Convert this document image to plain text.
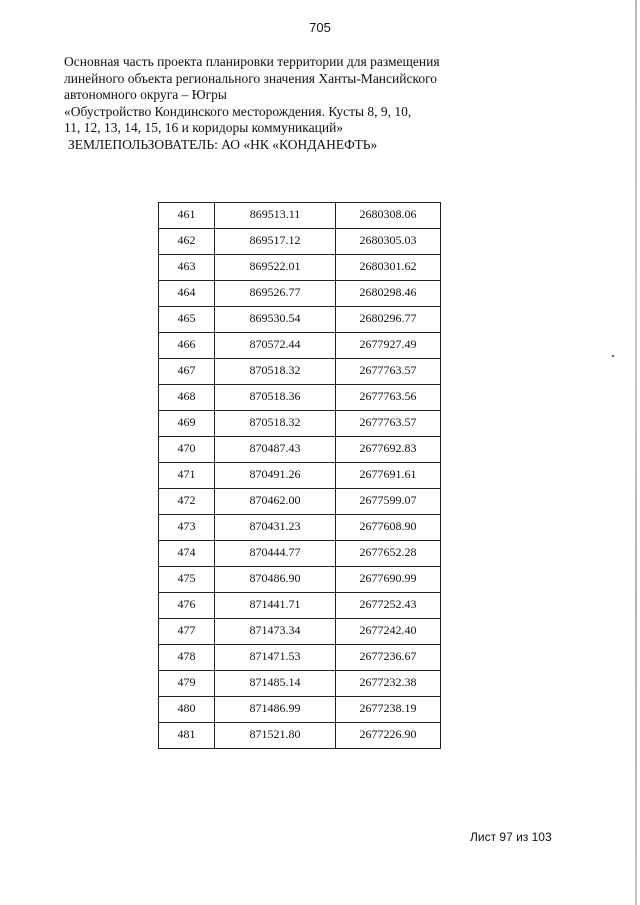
705
Основная часть проекта планировки территории для размещения
линейного объекта регионального значения Ханты-Мансийского
автономного округа – Югры
«Обустройство Кондинского месторождения. Кусты 8, 9, 10,
11, 12, 13, 14, 15, 16 и коридоры коммуникаций»
ЗЕМЛЕПОЛЬЗОВАТЕЛЬ: АО «НК «КОНДАНЕФТЬ»
461	869513.11	2680308.06
462	869517.12	2680305.03
463	869522.01	2680301.62
464	869526.77	2680298.46
465	869530.54	2680296.77
466	870572.44	2677927.49
467	870518.32	2677763.57
468	870518.36	2677763.56
469	870518.32	2677763.57
470	870487.43	2677692.83
471	870491.26	2677691.61
472	870462.00	2677599.07
473	870431.23	2677608.90
474	870444.77	2677652.28
475	870486.90	2677690.99
476	871441.71	2677252.43
477	871473.34	2677242.40
478	871471.53	2677236.67
479	871485.14	2677232.38
480	871486.99	2677238.19
481	871521.80	2677226.90
Лист 97 из 103
